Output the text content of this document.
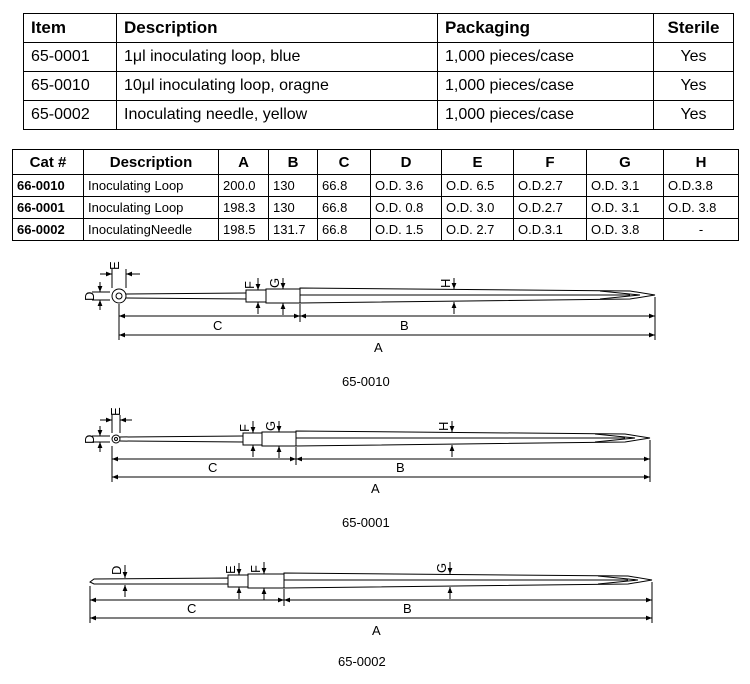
Item	Description	Packaging	Sterile
65-0001	1μl inoculating loop, blue	1,000 pieces/case	Yes
65-0010	10μl inoculating loop, oragne	1,000 pieces/case	Yes
65-0002	Inoculating needle, yellow	1,000 pieces/case	Yes
Cat #	Description	A	B	C	D	E	F	G	H
66-0010	Inoculating Loop	200.0	130	66.8	O.D. 3.6	O.D. 6.5	O.D.2.7	O.D. 3.1	O.D.3.8
66-0001	Inoculating Loop	198.3	130	66.8	O.D. 0.8	O.D. 3.0	O.D.2.7	O.D. 3.1	O.D. 3.8
66-0002	InoculatingNeedle	198.5	131.7	66.8	O.D. 1.5	O.D. 2.7	O.D.3.1	O.D. 3.8	-
E
D
F G	H
C	B
A
65-0010
E
D
F G	H
C	B
A
65-0001
D	E F	G
C	B
A
65-0002
